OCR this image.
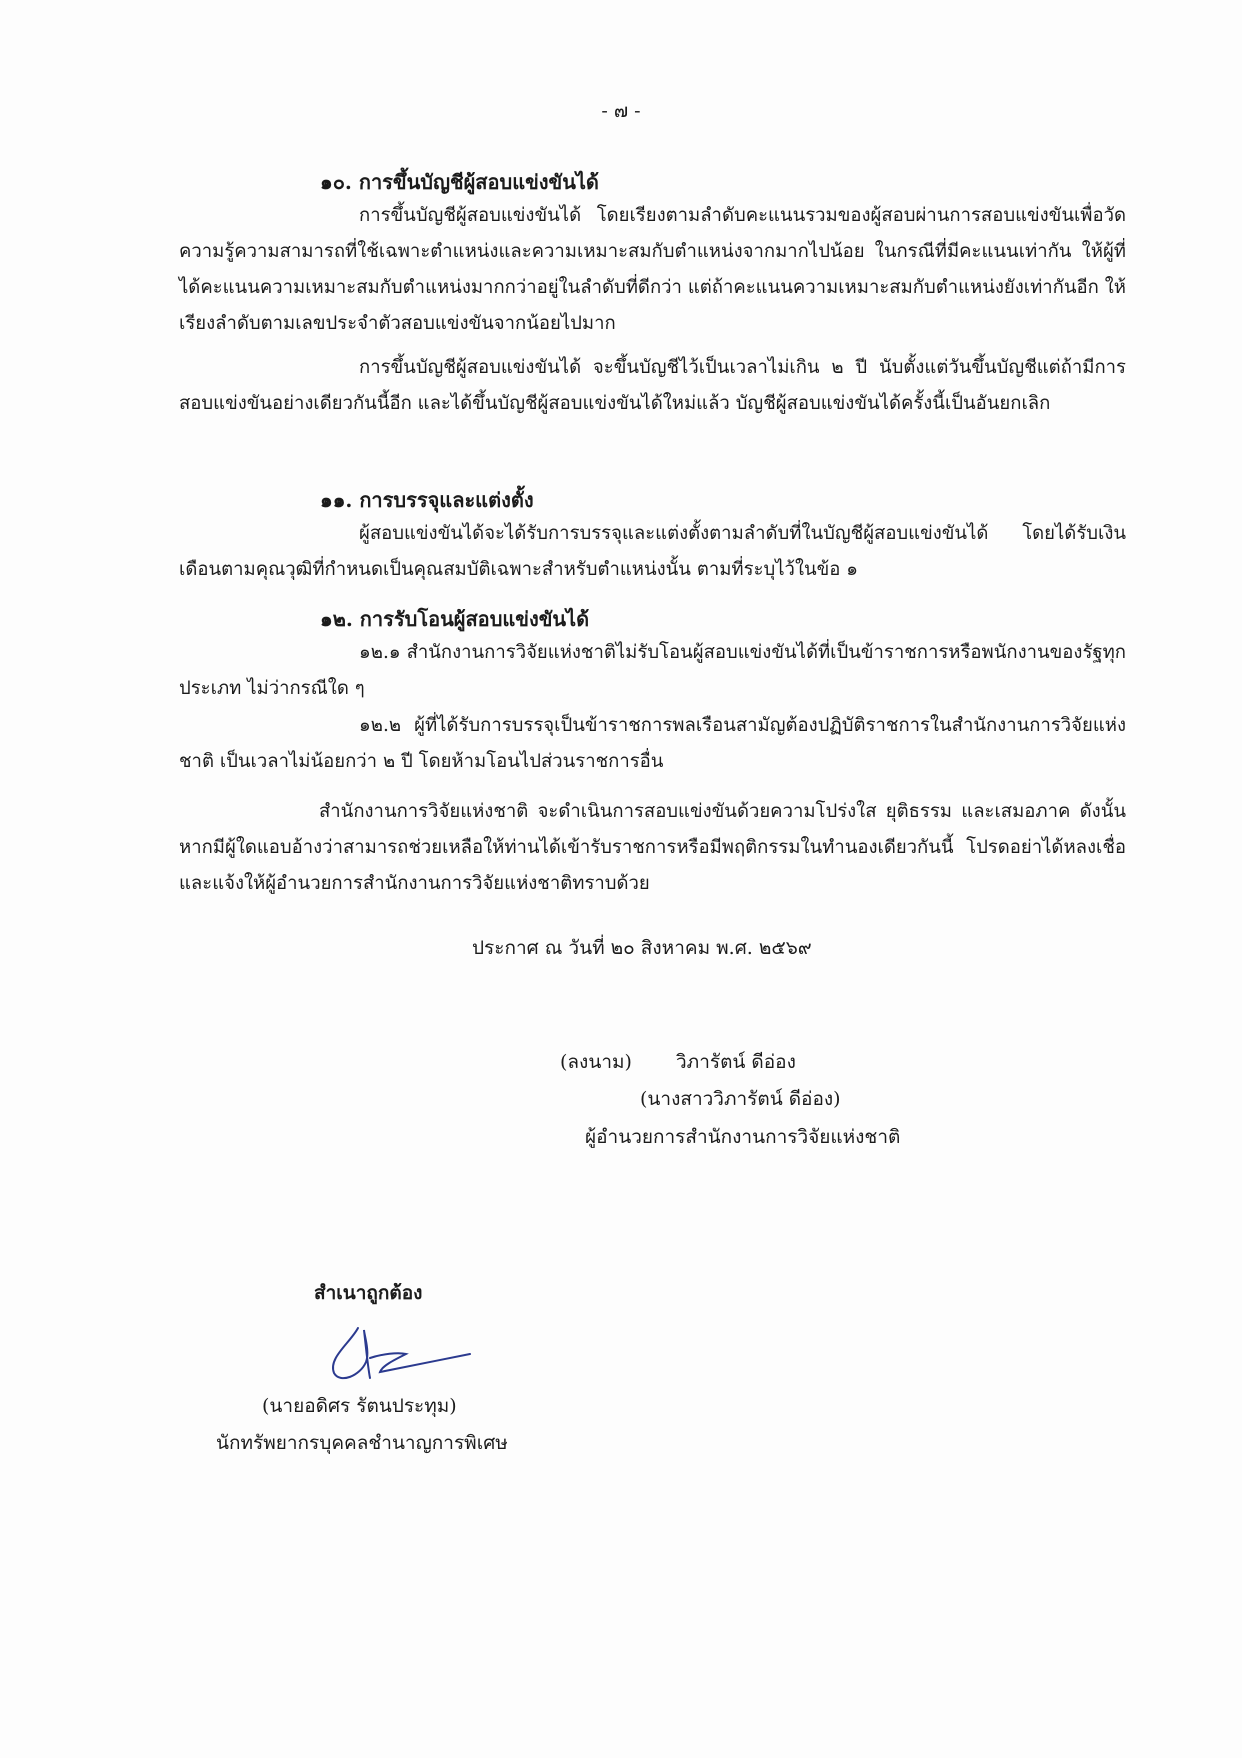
- ๗ -
๑๐. การขึ้นบัญชีผู้สอบแข่งขันได้
การขึ้นบัญชีผู้สอบแข่งขันได้ โดยเรียงตามลำดับคะแนนรวมของผู้สอบผ่านการสอบแข่งขันเพื่อวัดความรู้ความสามารถที่ใช้เฉพาะตำแหน่งและความเหมาะสมกับตำแหน่งจากมากไปน้อย ในกรณีที่มีคะแนนเท่ากัน ให้ผู้ที่ได้คะแนนความเหมาะสมกับตำแหน่งมากกว่าอยู่ในลำดับที่ดีกว่า แต่ถ้าคะแนนความเหมาะสมกับตำแหน่งยังเท่ากันอีก ให้เรียงลำดับตามเลขประจำตัวสอบแข่งขันจากน้อยไปมาก
การขึ้นบัญชีผู้สอบแข่งขันได้ จะขึ้นบัญชีไว้เป็นเวลาไม่เกิน ๒ ปี นับตั้งแต่วันขึ้นบัญชีแต่ถ้ามีการสอบแข่งขันอย่างเดียวกันนี้อีก และได้ขึ้นบัญชีผู้สอบแข่งขันได้ใหม่แล้ว บัญชีผู้สอบแข่งขันได้ครั้งนี้เป็นอันยกเลิก
๑๑. การบรรจุและแต่งตั้ง
ผู้สอบแข่งขันได้จะได้รับการบรรจุและแต่งตั้งตามลำดับที่ในบัญชีผู้สอบแข่งขันได้ โดยได้รับเงินเดือนตามคุณวุฒิที่กำหนดเป็นคุณสมบัติเฉพาะสำหรับตำแหน่งนั้น ตามที่ระบุไว้ในข้อ ๑
๑๒. การรับโอนผู้สอบแข่งขันได้
๑๒.๑ สำนักงานการวิจัยแห่งชาติไม่รับโอนผู้สอบแข่งขันได้ที่เป็นข้าราชการหรือพนักงานของรัฐทุกประเภท ไม่ว่ากรณีใด ๆ
๑๒.๒ ผู้ที่ได้รับการบรรจุเป็นข้าราชการพลเรือนสามัญต้องปฏิบัติราชการในสำนักงานการวิจัยแห่งชาติ เป็นเวลาไม่น้อยกว่า ๒ ปี โดยห้ามโอนไปส่วนราชการอื่น
สำนักงานการวิจัยแห่งชาติ จะดำเนินการสอบแข่งขันด้วยความโปร่งใส ยุติธรรม และเสมอภาค ดังนั้น หากมีผู้ใดแอบอ้างว่าสามารถช่วยเหลือให้ท่านได้เข้ารับราชการหรือมีพฤติกรรมในทำนองเดียวกันนี้ โปรดอย่าได้หลงเชื่อ และแจ้งให้ผู้อำนวยการสำนักงานการวิจัยแห่งชาติทราบด้วย
ประกาศ ณ วันที่ ๒๐ สิงหาคม พ.ศ. ๒๕๖๙
(ลงนาม) วิภารัตน์ ดีอ่อง
(นางสาววิภารัตน์ ดีอ่อง)
ผู้อำนวยการสำนักงานการวิจัยแห่งชาติ
สำเนาถูกต้อง
(นายอดิศร รัตนประทุม)
นักทรัพยากรบุคคลชำนาญการพิเศษ
